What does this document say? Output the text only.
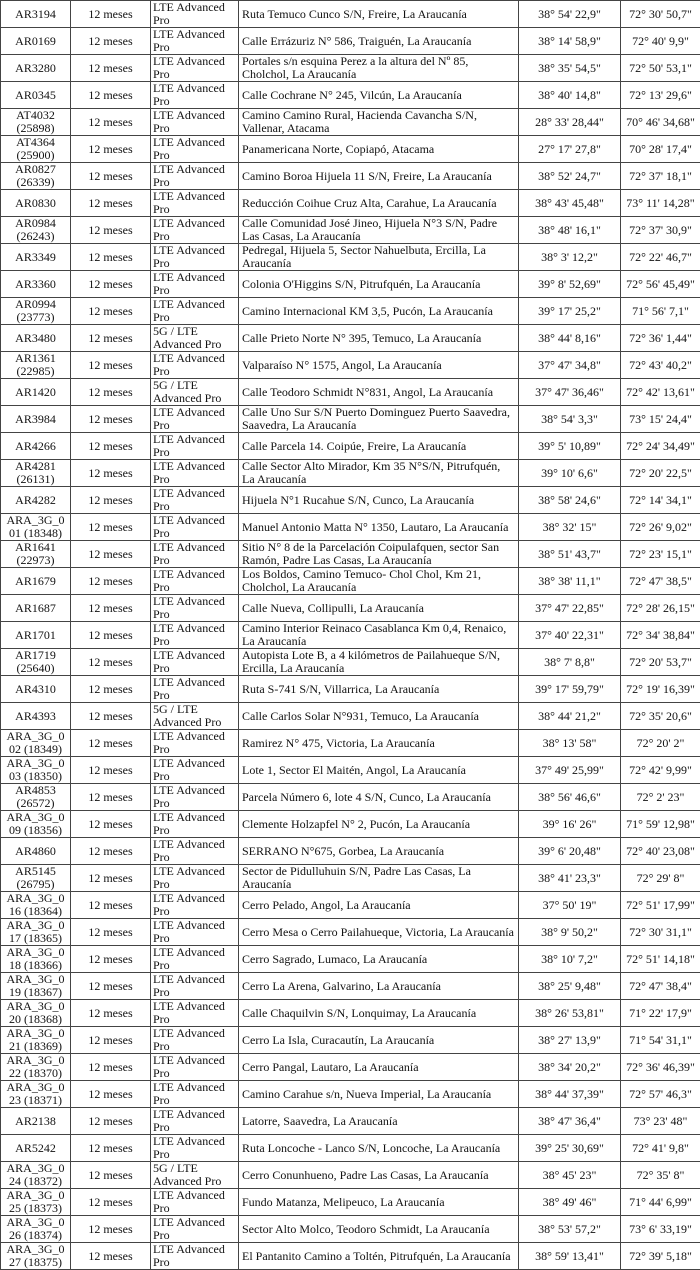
AR3194	12 meses	LTE Advanced Pro	Ruta Temuco Cunco S/N, Freire, La Araucanía	38° 54' 22,9"	72° 30' 50,7"
AR0169	12 meses	LTE Advanced Pro	Calle Errázuriz N° 586, Traiguén, La Araucanía	38° 14' 58,9"	72° 40' 9,9"
AR3280	12 meses	LTE Advanced Pro	Portales s/n esquina Perez a la altura del Nº 85, Cholchol, La Araucanía	38° 35' 54,5"	72° 50' 53,1"
AR0345	12 meses	LTE Advanced Pro	Calle Cochrane N° 245, Vilcún, La Araucanía	38° 40' 14,8"	72° 13' 29,6"
AT4032 (25898)	12 meses	LTE Advanced Pro	Camino Camino Rural, Hacienda Cavancha S/N, Vallenar, Atacama	28° 33' 28,44"	70° 46' 34,68"
AT4364 (25900)	12 meses	LTE Advanced Pro	Panamericana Norte, Copiapó, Atacama	27° 17' 27,8"	70° 28' 17,4"
AR0827 (26339)	12 meses	LTE Advanced Pro	Camino Boroa Hijuela 11 S/N, Freire, La Araucanía	38° 52' 24,7"	72° 37' 18,1"
AR0830	12 meses	LTE Advanced Pro	Reducción Coihue Cruz Alta, Carahue, La Araucanía	38° 43' 45,48"	73° 11' 14,28"
AR0984 (26243)	12 meses	LTE Advanced Pro	Calle Comunidad José Jineo, Hijuela N°3 S/N, Padre Las Casas, La Araucanía	38° 48' 16,1"	72° 37' 30,9"
AR3349	12 meses	LTE Advanced Pro	Pedregal, Hijuela 5, Sector Nahuelbuta, Ercilla, La Araucanía	38° 3' 12,2"	72° 22' 46,7"
AR3360	12 meses	LTE Advanced Pro	Colonia O'Higgins S/N, Pitrufquén, La Araucanía	39° 8' 52,69"	72° 56' 45,49"
AR0994 (23773)	12 meses	LTE Advanced Pro	Camino Internacional KM 3,5, Pucón, La Araucanía	39° 17' 25,2"	71° 56' 7,1"
AR3480	12 meses	5G / LTE Advanced Pro	Calle Prieto Norte N° 395, Temuco, La Araucanía	38° 44' 8,16"	72° 36' 1,44"
AR1361 (22985)	12 meses	LTE Advanced Pro	Valparaíso N° 1575, Angol, La Araucanía	37° 47' 34,8"	72° 43' 40,2"
AR1420	12 meses	5G / LTE Advanced Pro	Calle Teodoro Schmidt N°831, Angol, La Araucanía	37° 47' 36,46"	72° 42' 13,61"
AR3984	12 meses	LTE Advanced Pro	Calle Uno Sur S/N Puerto Dominguez Puerto Saavedra, Saavedra, La Araucanía	38° 54' 3,3"	73° 15' 24,4"
AR4266	12 meses	LTE Advanced Pro	Calle Parcela 14. Coipúe, Freire, La Araucanía	39° 5' 10,89"	72° 24' 34,49"
AR4281 (26131)	12 meses	LTE Advanced Pro	Calle Sector Alto Mirador, Km 35 N°S/N, Pitrufquén, La Araucanía	39° 10' 6,6"	72° 20' 22,5"
AR4282	12 meses	LTE Advanced Pro	Hijuela N°1 Rucahue S/N, Cunco, La Araucanía	38° 58' 24,6"	72° 14' 34,1"
ARA_3G_0 01 (18348)	12 meses	LTE Advanced Pro	Manuel Antonio Matta N° 1350, Lautaro, La Araucanía	38° 32' 15"	72° 26' 9,02"
AR1641 (22973)	12 meses	LTE Advanced Pro	Sitio N° 8 de la Parcelación Coipulafquen, sector San Ramón, Padre Las Casas, La Araucanía	38° 51' 43,7"	72° 23' 15,1"
AR1679	12 meses	LTE Advanced Pro	Los Boldos, Camino Temuco- Chol Chol, Km 21, Cholchol, La Araucanía	38° 38' 11,1"	72° 47' 38,5"
AR1687	12 meses	LTE Advanced Pro	Calle Nueva, Collipulli, La Araucanía	37° 47' 22,85"	72° 28' 26,15"
AR1701	12 meses	LTE Advanced Pro	Camino Interior Reinaco Casablanca Km 0,4, Renaico, La Araucanía	37° 40' 22,31"	72° 34' 38,84"
AR1719 (25640)	12 meses	LTE Advanced Pro	Autopista Lote B, a 4 kilómetros de Pailahueque S/N, Ercilla, La Araucanía	38° 7' 8,8"	72° 20' 53,7"
AR4310	12 meses	LTE Advanced Pro	Ruta S-741 S/N, Villarrica, La Araucanía	39° 17' 59,79"	72° 19' 16,39"
AR4393	12 meses	5G / LTE Advanced Pro	Calle Carlos Solar N°931, Temuco, La Araucanía	38° 44' 21,2"	72° 35' 20,6"
ARA_3G_0 02 (18349)	12 meses	LTE Advanced Pro	Ramirez N° 475, Victoria, La Araucanía	38° 13' 58"	72° 20' 2"
ARA_3G_0 03 (18350)	12 meses	LTE Advanced Pro	Lote 1, Sector El Maitén, Angol, La Araucanía	37° 49' 25,99"	72° 42' 9,99"
AR4853 (26572)	12 meses	LTE Advanced Pro	Parcela Número 6, lote 4 S/N, Cunco, La Araucanía	38° 56' 46,6"	72° 2' 23"
ARA_3G_0 09 (18356)	12 meses	LTE Advanced Pro	Clemente Holzapfel N° 2, Pucón, La Araucanía	39° 16' 26"	71° 59' 12,98"
AR4860	12 meses	LTE Advanced Pro	SERRANO N°675, Gorbea, La Araucanía	39° 6' 20,48"	72° 40' 23,08"
AR5145 (26795)	12 meses	LTE Advanced Pro	Sector de Pidulluhuin S/N, Padre Las Casas, La Araucanía	38° 41' 23,3"	72° 29' 8"
ARA_3G_0 16 (18364)	12 meses	LTE Advanced Pro	Cerro Pelado, Angol, La Araucanía	37° 50' 19"	72° 51' 17,99"
ARA_3G_0 17 (18365)	12 meses	LTE Advanced Pro	Cerro Mesa o Cerro Pailahueque, Victoria, La Araucanía	38° 9' 50,2"	72° 30' 31,1"
ARA_3G_0 18 (18366)	12 meses	LTE Advanced Pro	Cerro Sagrado, Lumaco, La Araucanía	38° 10' 7,2"	72° 51' 14,18"
ARA_3G_0 19 (18367)	12 meses	LTE Advanced Pro	Cerro La Arena, Galvarino, La Araucanía	38° 25' 9,48"	72° 47' 38,4"
ARA_3G_0 20 (18368)	12 meses	LTE Advanced Pro	Calle Chaquilvin S/N, Lonquimay, La Araucanía	38° 26' 53,81"	71° 22' 17,9"
ARA_3G_0 21 (18369)	12 meses	LTE Advanced Pro	Cerro La Isla, Curacautín, La Araucanía	38° 27' 13,9"	71° 54' 31,1"
ARA_3G_0 22 (18370)	12 meses	LTE Advanced Pro	Cerro Pangal, Lautaro, La Araucanía	38° 34' 20,2"	72° 36' 46,39"
ARA_3G_0 23 (18371)	12 meses	LTE Advanced Pro	Camino Carahue s/n, Nueva Imperial, La Araucanía	38° 44' 37,39"	72° 57' 46,3"
AR2138	12 meses	LTE Advanced Pro	Latorre, Saavedra, La Araucanía	38° 47' 36,4"	73° 23' 48"
AR5242	12 meses	LTE Advanced Pro	Ruta Loncoche - Lanco S/N, Loncoche, La Araucanía	39° 25' 30,69"	72° 41' 9,8"
ARA_3G_0 24 (18372)	12 meses	5G / LTE Advanced Pro	Cerro Conunhueno, Padre Las Casas, La Araucanía	38° 45' 23"	72° 35' 8"
ARA_3G_0 25 (18373)	12 meses	LTE Advanced Pro	Fundo Matanza, Melipeuco, La Araucanía	38° 49' 46"	71° 44' 6,99"
ARA_3G_0 26 (18374)	12 meses	LTE Advanced Pro	Sector Alto Molco, Teodoro Schmidt, La Araucanía	38° 53' 57,2"	73° 6' 33,19"
ARA_3G_0 27 (18375)	12 meses	LTE Advanced Pro	El Pantanito Camino a Toltén, Pitrufquén, La Araucanía	38° 59' 13,41"	72° 39' 5,18"
